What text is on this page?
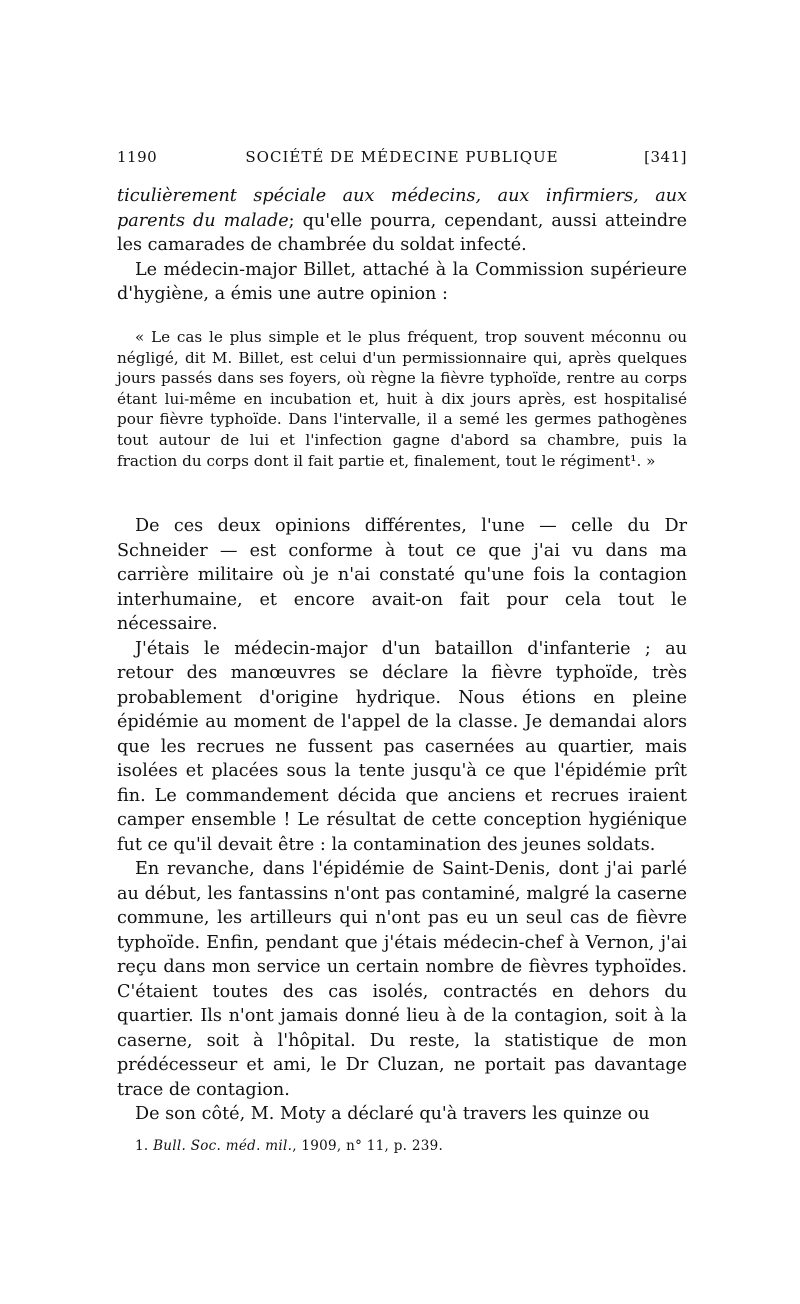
1190	SOCIÉTÉ DE MÉDECINE PUBLIQUE	[341]

ticulièrement spéciale aux médecins, aux infirmiers, aux parents du malade; qu'elle pourra, cependant, aussi atteindre les camarades de chambrée du soldat infecté.

Le médecin-major Billet, attaché à la Commission supérieure d'hygiène, a émis une autre opinion :

« Le cas le plus simple et le plus fréquent, trop souvent méconnu ou négligé, dit M. Billet, est celui d'un permissionnaire qui, après quelques jours passés dans ses foyers, où règne la fièvre typhoïde, rentre au corps étant lui-même en incubation et, huit à dix jours après, est hospitalisé pour fièvre typhoïde. Dans l'intervalle, il a semé les germes pathogènes tout autour de lui et l'infection gagne d'abord sa chambre, puis la fraction du corps dont il fait partie et, finalement, tout le régiment¹. »

De ces deux opinions différentes, l'une — celle du Dr Schneider — est conforme à tout ce que j'ai vu dans ma carrière militaire où je n'ai constaté qu'une fois la contagion interhumaine, et encore avait-on fait pour cela tout le nécessaire.

J'étais le médecin-major d'un bataillon d'infanterie ; au retour des manœuvres se déclare la fièvre typhoïde, très probablement d'origine hydrique. Nous étions en pleine épidémie au moment de l'appel de la classe. Je demandai alors que les recrues ne fussent pas casernées au quartier, mais isolées et placées sous la tente jusqu'à ce que l'épidémie prît fin. Le commandement décida que anciens et recrues iraient camper ensemble ! Le résultat de cette conception hygiénique fut ce qu'il devait être : la contamination des jeunes soldats.

En revanche, dans l'épidémie de Saint-Denis, dont j'ai parlé au début, les fantassins n'ont pas contaminé, malgré la caserne commune, les artilleurs qui n'ont pas eu un seul cas de fièvre typhoïde. Enfin, pendant que j'étais médecin-chef à Vernon, j'ai reçu dans mon service un certain nombre de fièvres typhoïdes. C'étaient toutes des cas isolés, contractés en dehors du quartier. Ils n'ont jamais donné lieu à de la contagion, soit à la caserne, soit à l'hôpital. Du reste, la statistique de mon prédécesseur et ami, le Dr Cluzan, ne portait pas davantage trace de contagion.

De son côté, M. Moty a déclaré qu'à travers les quinze ou

1. Bull. Soc. méd. mil., 1909, n° 11, p. 239.
